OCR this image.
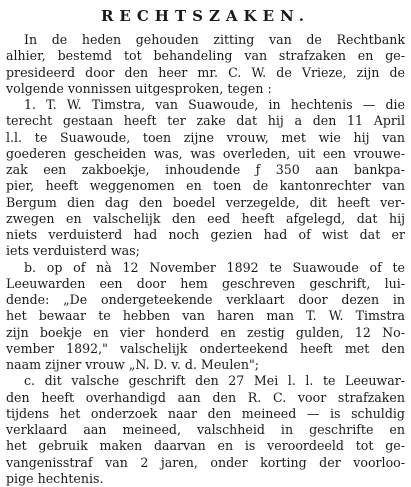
RECHTSZAKEN.
In de heden gehouden zitting van de Rechtbank
alhier, bestemd tot behandeling van strafzaken en ge-
presideerd door den heer mr. C. W. de Vrieze, zijn de
volgende vonnissen uitgesproken, tegen :
1. T. W. Timstra, van Suawoude, in hechtenis — die
terecht gestaan heeft ter zake dat hij a den 11 April
l.l. te Suawoude, toen zijne vrouw, met wie hij van
goederen gescheiden was, was overleden, uit een vrouwe-
zak een zakboekje, inhoudende ƒ 350 aan bankpa-
pier, heeft weggenomen en toen de kantonrechter van
Bergum dien dag den boedel verzegelde, dit heeft ver-
zwegen en valschelijk den eed heeft afgelegd, dat hij
niets verduisterd had noch gezien had of wist dat er
iets verduisterd was;
b. op of nà 12 November 1892 te Suawoude of te
Leeuwarden een door hem geschreven geschrift, lui-
dende: „De ondergeteekende verklaart door dezen in
het bewaar te hebben van haren man T. W. Timstra
zijn boekje en vier honderd en zestig gulden, 12 No-
vember 1892," valschelijk onderteekend heeft met den
naam zijner vrouw „N. D. v. d. Meulen";
c. dit valsche geschrift den 27 Mei l. l. te Leeuwar-
den heeft overhandigd aan den R. C. voor strafzaken
tijdens het onderzoek naar den meineed — is schuldig
verklaard aan meineed, valschheid in geschrifte en
het gebruik maken daarvan en is veroordeeld tot ge-
vangenisstraf van 2 jaren, onder korting der voorloo-
pige hechtenis.
